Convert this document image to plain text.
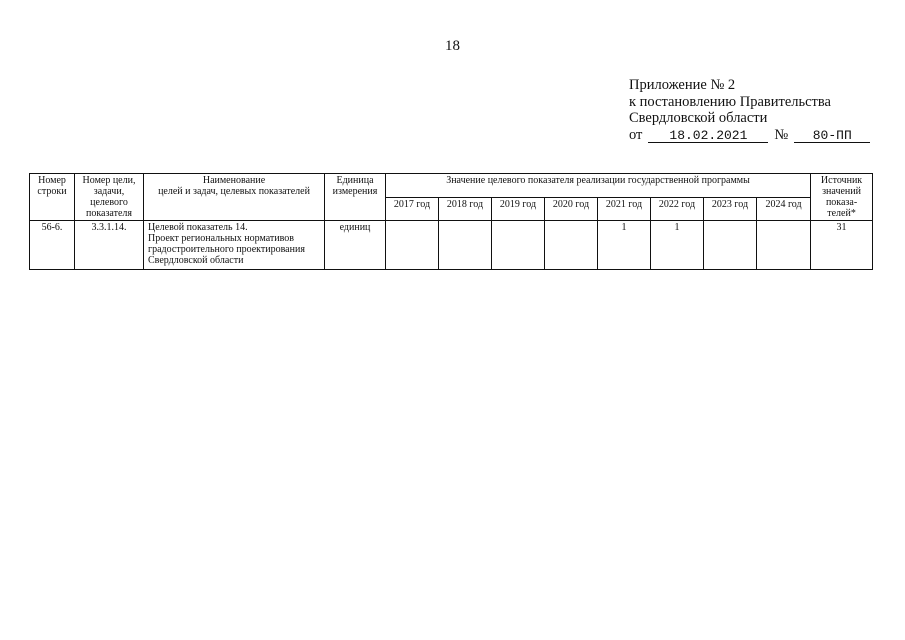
18
Приложение № 2
к постановлению Правительства
Свердловской области
от	18.02.2021	№	80-ПП
Номер строки	Номер цели, задачи, целевого показателя	Наименование
целей и задач, целевых показателей	Единица измерения	Значение целевого показателя реализации государственной программы								Источник значений показа-телей*
				2017 год	2018 год	2019 год	2020 год	2021 год	2022 год	2023 год	2024 год	
56-6.	3.3.1.14.	Целевой показатель 14.
Проект региональных нормативов градостроительного проектирования Свердловской области	единиц					1	1			31
